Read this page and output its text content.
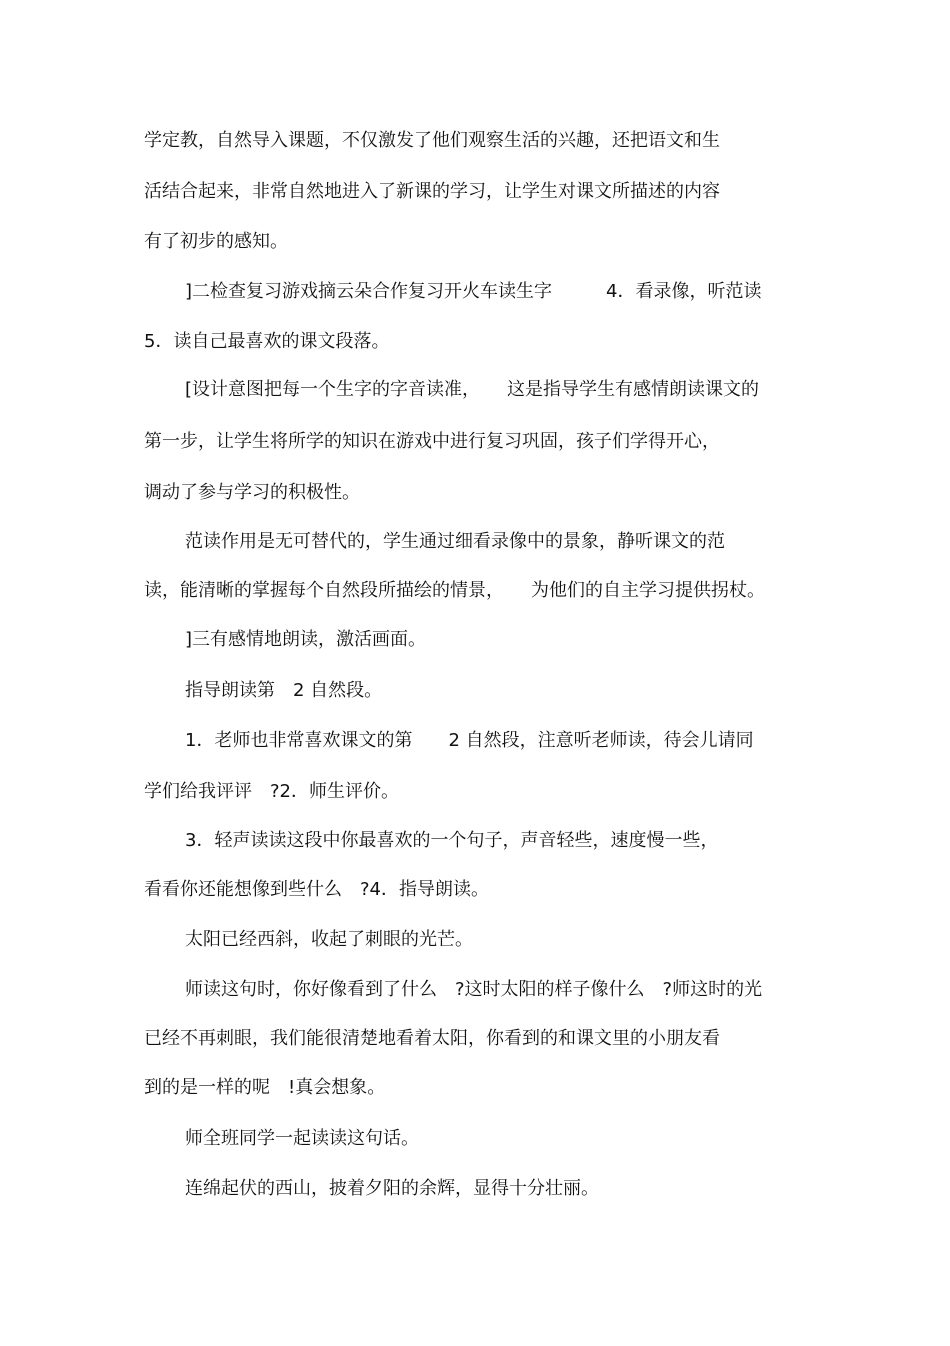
学定教，自然导入课题，不仅激发了他们观察生活的兴趣，还把语文和生
活结合起来，非常自然地进入了新课的学习，让学生对课文所描述的内容
有了初步的感知。
]二检查复习游戏摘云朵合作复习开火车读生字　　　4．看录像，听范读
5．读自己最喜欢的课文段落。
[设计意图把每一个生字的字音读准，　　这是指导学生有感情朗读课文的
第一步，让学生将所学的知识在游戏中进行复习巩固，孩子们学得开心，
调动了参与学习的积极性。
范读作用是无可替代的，学生通过细看录像中的景象，静听课文的范
读，能清晰的掌握每个自然段所描绘的情景，　　为他们的自主学习提供拐杖。
]三有感情地朗读，激活画面。
指导朗读第　2 自然段。
1．老师也非常喜欢课文的第　　2 自然段，注意听老师读，待会儿请同
学们给我评评　?2．师生评价。
3．轻声读读这段中你最喜欢的一个句子，声音轻些，速度慢一些，
看看你还能想像到些什么　?4．指导朗读。
太阳已经西斜，收起了刺眼的光芒。
师读这句时，你好像看到了什么　?这时太阳的样子像什么　?师这时的光
已经不再刺眼，我们能很清楚地看着太阳，你看到的和课文里的小朋友看
到的是一样的呢　!真会想象。
师全班同学一起读读这句话。
连绵起伏的西山，披着夕阳的余辉，显得十分壮丽。
